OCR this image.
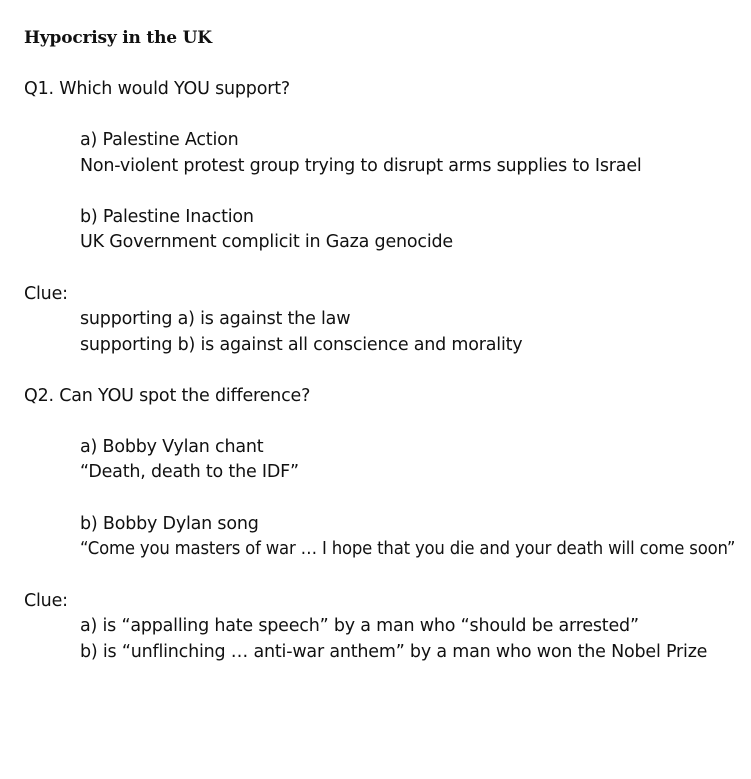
Hypocrisy in the UK
Q1. Which would YOU support?
a) Palestine Action
Non-violent protest group trying to disrupt arms supplies to Israel
b) Palestine Inaction
UK Government complicit in Gaza genocide
Clue:
supporting a) is against the law
supporting b) is against all conscience and morality
Q2. Can YOU spot the difference?
a) Bobby Vylan chant
“Death, death to the IDF”
b) Bobby Dylan song
“Come you masters of war … I hope that you die and your death will come soon”
Clue:
a) is “appalling hate speech” by a man who “should be arrested”
b) is “unflinching … anti-war anthem” by a man who won the Nobel Prize
